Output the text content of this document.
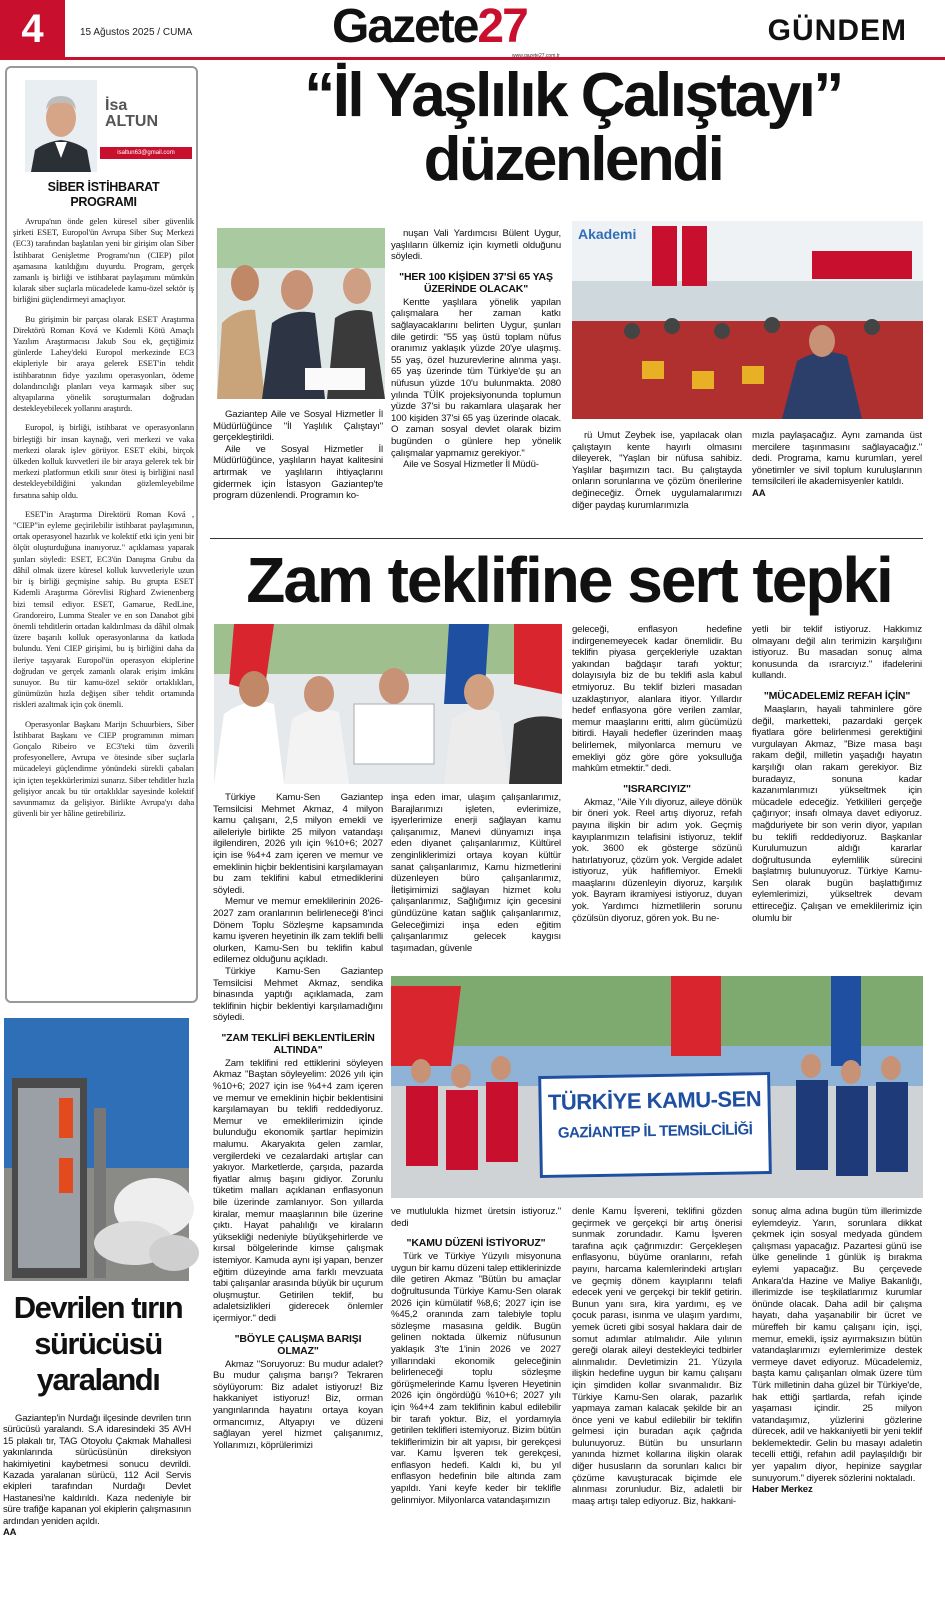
4	15 Ağustos 2025 / CUMA	Gazete27
www.gazete27.com.tr
GÜNDEM
İsa
ALTUN
isaltun63@gmail.com
SİBER İSTİHBARAT
PROGRAMI

Avrupa'nın önde gelen küresel siber güvenlik şirketi ESET, Europol'ün Avrupa Siber Suç Merkezi (EC3) tarafından başlatılan yeni bir girişim olan Siber İstihbarat Genişletme Programı'nın (CIEP) pilot aşamasına katıldığını duyurdu. Program, gerçek zamanlı iş birliği ve istihbarat paylaşımını mümkün kılarak siber suçlarla mücadelede kamu-özel sektör iş birliğini güçlendirmeyi amaçlıyor.

Bu girişimin bir parçası olarak ESET Araştırma Direktörü Roman Ková ve Kıdemli Kötü Amaçlı Yazılım Araştırmacısı Jakub Sou ek, geçtiğimiz günlerde Lahey'deki Europol merkezinde EC3 ekipleriyle bir araya gelerek ESET'in tehdit istihbaratının fidye yazılımı operasyonları, ödeme dolandırıcılığı planları veya karmaşık siber suç altyapılarına yönelik soruşturmaları doğrudan destekleyebilecek yollarını araştırdı.

Europol, iş birliği, istihbarat ve operasyonların birleştiği bir insan kaynağı, veri merkezi ve vaka merkezi olarak işlev görüyor. ESET ekibi, birçok ülkeden kolluk kuvvetleri ile bir araya gelerek tek bir merkezi platformun etkili sınır ötesi iş birliğini nasıl destekleyebildiğini yakından gözlemleyebilme fırsatına sahip oldu.

ESET'in Araştırma Direktörü Roman Ková , "CIEP"in eyleme geçirilebilir istihbarat paylaşımının, ortak operasyonel hazırlık ve kolektif etki için yeni bir ölçüt oluşturduğuna inanıyoruz." açıklaması yaparak şunları söyledi: ESET, EC3'ün Danışma Grubu da dâhil olmak üzere küresel kolluk kuvvetleriyle uzun bir iş birliği geçmişine sahip. Bu grupta ESET Kıdemli Araştırma Görevlisi Righard Zwienenberg bizi temsil ediyor. ESET, Gamarue, RedLine, Grandoreiro, Lumma Stealer ve en son Danabot gibi önemli tehditlerin ortadan kaldırılması da dâhil olmak üzere başarılı kolluk operasyonlarına da katkıda bulundu. Yeni CIEP girişimi, bu iş birliğini daha da ileriye taşıyarak Europol'ün operasyon ekiplerine doğrudan ve gerçek zamanlı olarak erişim imkânı sunuyor. Bu tür kamu-özel sektör ortaklıkları, günümüzün hızla değişen siber tehdit ortamında riskleri azaltmak için çok önemli.

Operasyonlar Başkanı Marijn Schuurbiers, Siber İstihbarat Başkanı ve CIEP programının mimarı Gonçalo Ribeiro ve EC3'teki tüm özverili profesyonellere, Avrupa ve ötesinde siber suçlarla mücadeleyi güçlendirme yönündeki sürekli çabaları için içten teşekkürlerimizi sunarız. Siber tehditler hızla gelişiyor ancak bu tür ortaklıklar sayesinde kolektif savunmamız da gelişiyor. Birlikte Avrupa'yı daha güvenli bir yer hâline getirebiliriz.

Devrilen tırın
sürücüsü
yaralandı

Gaziantep'in Nurdağı ilçesinde devrilen tırın sürücüsü yaralandı. S.A idaresindeki 35 AVH 15 plakalı tır, TAG Otoyolu Çakmak Mahallesi yakınlarında sürücüsünün direksiyon hakimiyetini kaybetmesi sonucu devrildi. Kazada yaralanan sürücü, 112 Acil Servis ekipleri tarafından Nurdağı Devlet Hastanesi'ne kaldırıldı. Kaza nedeniyle bir süre trafiğe kapanan yol ekiplerin çalışmasının ardından yeniden açıldı.

AA
“İl Yaşlılık Çalıştayı”
düzenlendi
Akademi

Gaziantep Aile ve Sosyal Hizmetler İl Müdürlüğünce "İl Yaşlılık Çalıştayı" gerçekleştirildi.

Aile ve Sosyal Hizmetler İl Müdürlüğünce, yaşlıların hayat kalitesini artırmak ve yaşlıların ihtiyaçlarını gidermek için İstasyon Gaziantep'te program düzenlendi. Programın ko-

nuşan Vali Yardımcısı Bülent Uygur, yaşlıların ülkemiz için kıymetli olduğunu söyledi.

"HER 100 KİŞİDEN 37'Sİ 65 YAŞ ÜZERİNDE OLACAK"

Kentte yaşlılara yönelik yapılan çalışmalara her zaman katkı sağlayacaklarını belirten Uygur, şunları dile getirdi: "55 yaş üstü toplam nüfus oranımız yaklaşık yüzde 20'ye ulaşmış. 55 yaş, özel huzurevlerine alınma yaşı. 65 yaş üzerinde tüm Türkiye'de şu an nüfusun yüzde 10'u bulunmakta. 2080 yılında TÜİK projeksiyonunda toplumun yüzde 37'si bu rakamlara ulaşarak her 100 kişiden 37'si 65 yaş üzerinde olacak. O zaman sosyal devlet olarak bizim bugünden o günlere hep yönelik çalışmalar yapmamız gerekiyor."

Aile ve Sosyal Hizmetler İl Müdü-

rü Umut Zeybek ise, yapılacak olan çalıştayın kente hayırlı olmasını dileyerek, "Yaşlan bir nüfusa sahibiz. Yaşlılar başımızın tacı. Bu çalıştayda onların sorunlarına ve çözüm önerilerine değineceğiz. Örnek uygulamalarımızı diğer paydaş kurumlarımızla

mızla paylaşacağız. Aynı zamanda üst mercilere taşınmasını sağlayacağız." dedi. Programa, kamu kurumları, yerel yönetimler ve sivil toplum kuruluşlarının temsilcileri ile akademisyenler katıldı.

AA
Zam teklifine sert tepki

Türkiye Kamu-Sen Gaziantep Temsilcisi Mehmet Akmaz, 4 milyon kamu çalışanı, 2,5 milyon emekli ve aileleriyle birlikte 25 milyon vatandaşı ilgilendiren, 2026 yılı için %10+6; 2027 için ise %4+4 zam içeren ve memur ve emeklinin hiçbir beklentisini karşılamayan bu zam teklifini kabul etmediklerini söyledi.

Memur ve memur emeklilerinin 2026-2027 zam oranlarının belirleneceği 8'inci Dönem Toplu Sözleşme kapsamında kamu işveren heyetinin ilk zam teklifi belli olurken, Kamu-Sen bu teklifin kabul edilemez olduğunu açıkladı.

Türkiye Kamu-Sen Gaziantep Temsilcisi Mehmet Akmaz, sendika binasında yaptığı açıklamada, zam teklifinin hiçbir beklentiyi karşılamadığını söyledi.

"ZAM TEKLİFİ BEKLENTİLERİN ALTINDA"

Zam teklifini red ettiklerini söyleyen Akmaz "Baştan söyleyelim: 2026 yılı için %10+6; 2027 için ise %4+4 zam içeren ve memur ve emeklinin hiçbir beklentisini karşılamayan bu teklifi reddediyoruz. Memur ve emeklilerimizin içinde bulunduğu ekonomik şartlar hepimizin malumu. Akaryakıta gelen zamlar, vergilerdeki ve cezalardaki artışlar can yakıyor. Marketlerde, çarşıda, pazarda fiyatlar almış başını gidiyor. Zorunlu tüketim malları açıklanan enflasyonun bile üzerinde zamlanıyor. Son yıllarda kiralar, memur maaşlarının bile üzerine çıktı. Hayat pahalılığı ve kiraların yüksekliği nedeniyle büyükşehirlerde ve kırsal bölgelerinde kimse çalışmak istemiyor. Kamuda aynı işi yapan, benzer eğitim düzeyinde ama farklı mevzuata tabi çalışanlar arasında büyük bir uçurum oluşmuştur. Getirilen teklif, bu adaletsizlikleri giderecek önlemler içermiyor." dedi

"BÖYLE ÇALIŞMA BARIŞI OLMAZ"

Akmaz "Soruyoruz: Bu mudur adalet? Bu mudur çalışma barışı? Tekraren söylüyorum: Biz adalet istiyoruz! Biz hakkaniyet istiyoruz! Biz, orman yangınlarında hayatını ortaya koyan ormancımız, Altyapıyı ve düzeni sağlayan yerel hizmet çalışanımız, Yollarımızı, köprülerimizi

inşa eden imar, ulaşım çalışanlarımız, Barajlarımızı işleten, evlerimize, işyerlerimize enerji sağlayan kamu çalışanımız, Manevi dünyamızı inşa eden diyanet çalışanlarımız, Kültürel zenginliklerimizi ortaya koyan kültür sanat çalışanlarımız, Kamu hizmetlerini düzenleyen büro çalışanlarımız, İletişimimizi sağlayan hizmet kolu çalışanlarımız, Sağlığımız için gecesini gündüzüne katan sağlık çalışanlarımız, Geleceğimizi inşa eden eğitim çalışanlarımız gelecek kaygısı taşımadan, güvenle

geleceği, enflasyon hedefine indirgenemeyecek kadar önemlidir. Bu teklifin piyasa gerçekleriyle uzaktan yakından bağdaşır tarafı yoktur; dolayısıyla biz de bu teklifi asla kabul etmiyoruz. Bu teklif bizleri masadan uzaklaştırıyor, alanlara itiyor. Yıllardır hedef enflasyona göre verilen zamlar, memur maaşlarını eritti, alım gücümüzü bitirdi. Hayali hedefler üzerinden maaş belirlemek, milyonlarca memuru ve emekliyi göz göre göre yoksulluğa mahkûm etmektir." dedi.

"ISRARCIYIZ"

Akmaz, "Aile Yılı diyoruz, aileye dönük bir öneri yok. Reel artış diyoruz, refah payına ilişkin bir adım yok. Geçmiş kayıplarımızın telafisini istiyoruz, teklif yok. 3600 ek gösterge sözünü hatırlatıyoruz, çözüm yok. Vergide adalet istiyoruz, yük hafiflemiyor. Emekli maaşlarını düzenleyin diyoruz, karşılık yok. Bayram ikramiyesi istiyoruz, duyan yok. Yardımcı hizmetlilerin sorunu çözülsün diyoruz, gören yok. Bu ne-

yetli bir teklif istiyoruz. Hakkımız olmayanı değil alın terimizin karşılığını istiyoruz. Bu masadan sonuç alma konusunda da ısrarcıyız." ifadelerini kullandı.

"MÜCADELEMİZ REFAH İÇİN"

Maaşların, hayali tahminlere göre değil, marketteki, pazardaki gerçek fiyatlara göre belirlenmesi gerektiğini vurgulayan Akmaz, "Bize masa başı rakam değil, milletin yaşadığı hayatın karşılığı olan rakam gerekiyor. Biz buradayız, sonuna kadar kazanımlarımızı yükseltmek için mücadele edeceğiz. Yetkilileri gerçeğe çağırıyor; insafı olmaya davet ediyoruz. mağduriyete bir son verin diyor, yapılan bu teklifi reddediyoruz. Başkanlar Kurulumuzun aldığı kararlar doğrultusunda eylemlilik sürecini başlatmış bulunuyoruz. Türkiye Kamu-Sen olarak bugün başlattığımız eylemlerimizi, yükseltrek devam ettireceğiz. Çalışan ve emeklilerimiz için olumlu bir

TÜRKİYE KAMU-SEN
GAZİANTEP İL TEMSİLCİLİĞİ

ve mutlulukla hizmet üretsin istiyoruz." dedi

"KAMU DÜZENİ İSTİYORUZ"

Türk ve Türkiye Yüzyılı misyonuna uygun bir kamu düzeni talep ettiklerinizde dile getiren Akmaz "Bütün bu amaçlar doğrultusunda Türkiye Kamu-Sen olarak 2026 için kümülatif %8,6; 2027 için ise %45,2 oranında zam talebiyle toplu sözleşme masasına geldik. Bugün gelinen noktada ülkemiz nüfusunun yaklaşık 3'te 1'inin 2026 ve 2027 yıllarındaki ekonomik geleceğinin belirleneceği toplu sözleşme görüşmelerinde Kamu İşveren Heyetinin 2026 için öngördüğü %10+6; 2027 yılı için %4+4 zam teklifinin kabul edilebilir bir tarafı yoktur. Biz, el yordamıyla getirilen teklifleri istemiyoruz. Bizim bütün tekliflerimizin bir alt yapısı, bir gerekçesi var. Kamu İşveren tek gerekçesi, enflasyon hedefi. Kaldı ki, bu yıl enflasyon hedefinin bile altında zam yapıldı. Yani keyfe keder bir teklifle gelinmiyor. Milyonlarca vatandaşımızın

denle Kamu İşvereni, teklifini gözden geçirmek ve gerçekçi bir artış önerisi sunmak zorundadır. Kamu İşveren tarafına açık çağrımızdır: Gerçekleşen enflasyonu, büyüme oranlarını, refah payını, harcama kalemlerindeki artışları ve geçmiş dönem kayıplarını telafi edecek yeni ve gerçekçi bir teklif getirin. Bunun yanı sıra, kira yardımı, eş ve çocuk parası, isınma ve ulaşım yardımı, yemek ücreti gibi sosyal haklara dair de somut adımlar atılmalıdır. Aile yılının gereği olarak aileyi destekleyici tedbirler alınmalıdır. Devletimizin 21. Yüzyıla ilişkin hedefine uygun bir kamu çalışanı için şimdiden kollar sıvanmalıdır. Biz Türkiye Kamu-Sen olarak, pazarlık yapmaya zaman kalacak şekilde bir an önce yeni ve kabul edilebilir bir teklifin gelmesi için buradan açık çağrıda bulunuyoruz. Bütün bu unsurların yanında hizmet kollarına ilişkin olarak diğer hususların da sorunları kalıcı bir çözüme kavuşturacak biçimde ele alınması zorunludur. Biz, adaletli bir maaş artışı talep ediyoruz. Biz, hakkani-

sonuç alma adına bugün tüm illerimizde eylemdeyiz. Yarın, sorunlara dikkat çekmek için sosyal medyada gündem çalışması yapacağız. Pazartesi günü ise ülke genelinde 1 günlük iş bırakma eylemi yapacağız. Bu çerçevede Ankara'da Hazine ve Maliye Bakanlığı, illerimizde ise teşkilatlarımız kurumlar önünde olacak. Daha adil bir çalışma hayatı, daha yaşanabilir bir ücret ve müreffeh bir kamu çalışanı için, işçi, memur, emekli, işsiz ayırmaksızın bütün vatandaşlarımızı eylemlerimize destek vermeye davet ediyoruz. Mücadelemiz, başta kamu çalışanları olmak üzere tüm Türk milletinin daha güzel bir Türkiye'de, hak ettiği şartlarda, refah içinde yaşaması içindir. 25 milyon vatandaşımız, yüzlerini gözlerine dürecek, adil ve hakkaniyetli bir yeni teklif beklemektedir. Gelin bu masayı adaletin tecelli ettiği, refahın adil paylaşıldığı bir yer yapalım diyor, hepinize saygılar sunuyorum." diyerek sözlerini noktaladı.

Haber Merkez
